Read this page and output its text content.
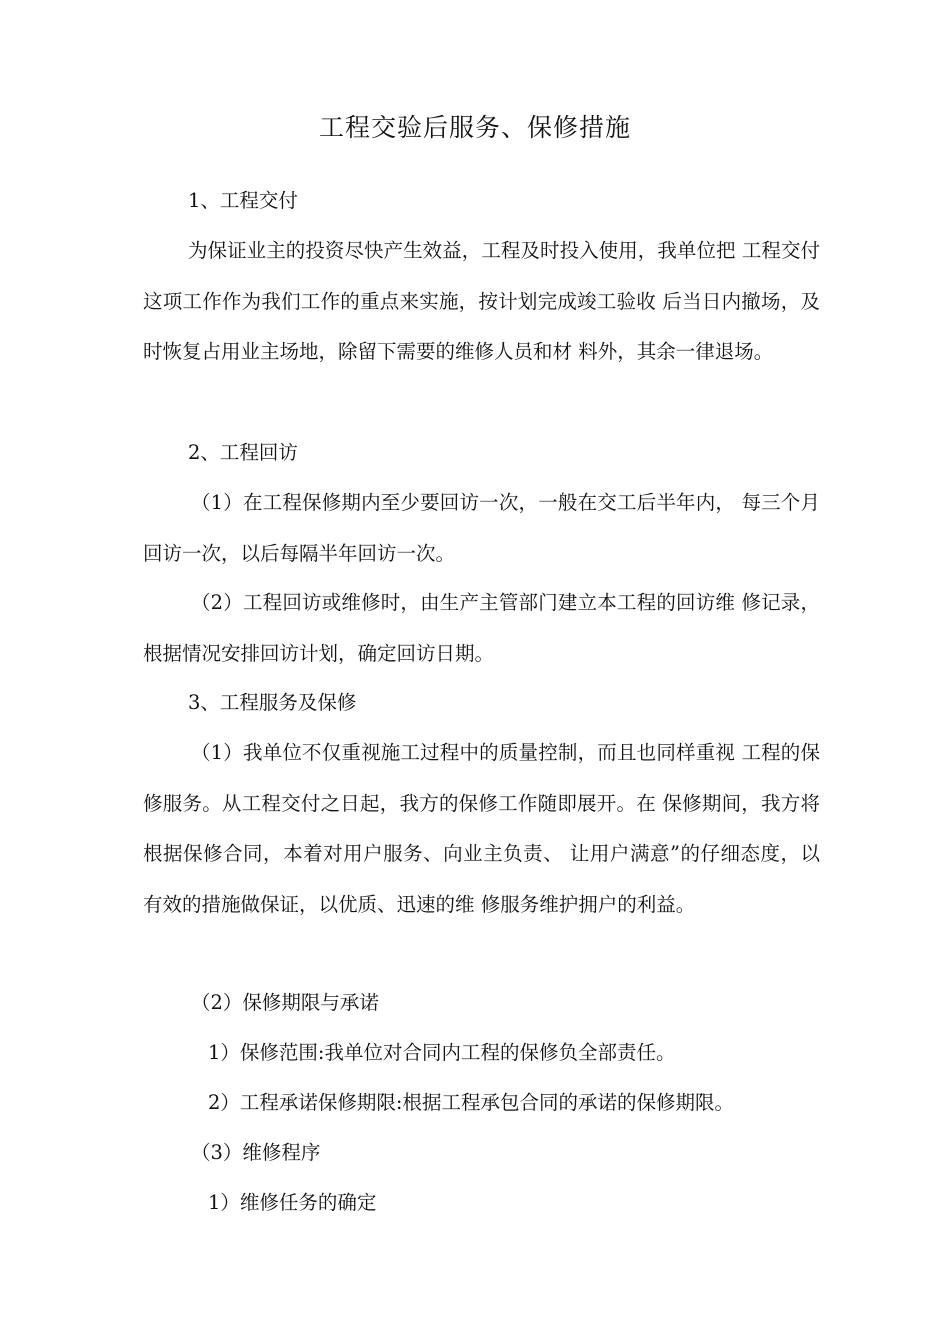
工程交验后服务、保修措施

1、工程交付

为保证业主的投资尽快产生效益，工程及时投入使用，我单位把 工程交付这项工作作为我们工作的重点来实施，按计划完成竣工验收 后当日内撤场，及时恢复占用业主场地，除留下需要的维修人员和材 料外，其余一律退场。

2、工程回访

（1）在工程保修期内至少要回访一次，一般在交工后半年内， 每三个月回访一次，以后每隔半年回访一次。

（2）工程回访或维修时，由生产主管部门建立本工程的回访维 修记录，根据情况安排回访计划，确定回访日期。

3、工程服务及保修

（1）我单位不仅重视施工过程中的质量控制，而且也同样重视 工程的保修服务。从工程交付之日起，我方的保修工作随即展开。在 保修期间，我方将根据保修合同，本着对用户服务、向业主负责、 让用户满意”的仔细态度，以有效的措施做保证，以优质、迅速的维 修服务维护拥户的利益。

（2）保修期限与承诺

1）保修范围:我单位对合同内工程的保修负全部责任。

2）工程承诺保修期限:根据工程承包合同的承诺的保修期限。

（3）维修程序

1）维修任务的确定
